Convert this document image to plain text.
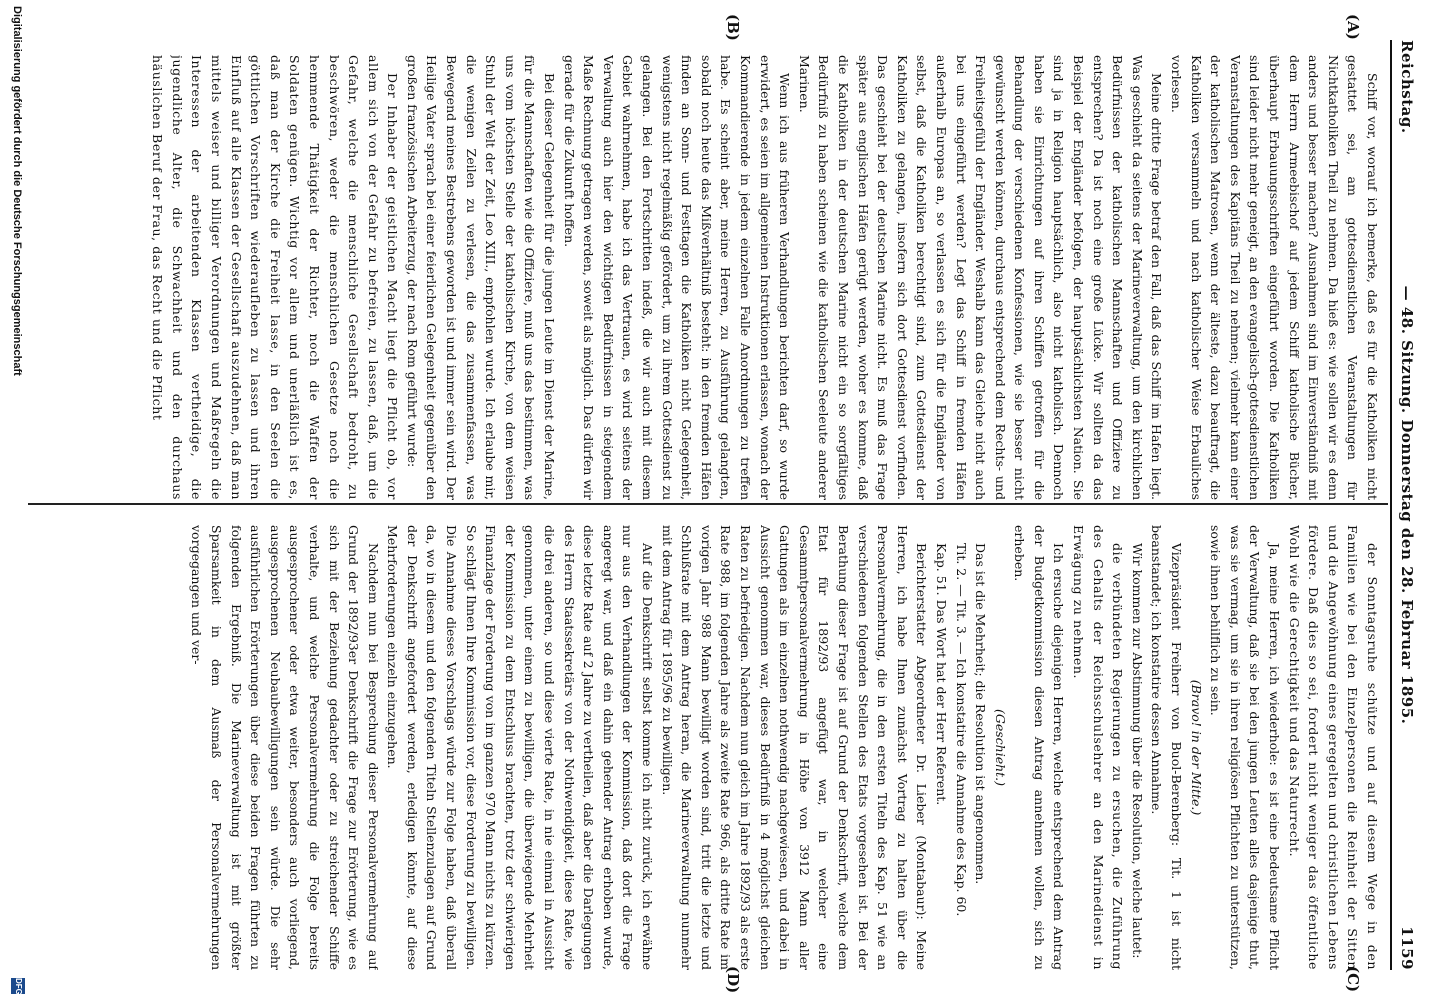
Reichstag.
— 48. Sitzung. Donnerstag den 28. Februar 1895.
1159
(A)
(B)
(C)
(D)

Schiff vor, worauf ich bemerke, daß es für die Katholiken nicht gestattet sei, am gottesdienstlichen Veranstaltungen für Nichtkatholiken Theil zu nehmen. Da hieß es: wie sollen wir es denn anders und besser machen? Ausnahmen sind im Einverständniß mit dem Herrn Armeebischof auf jedem Schiff katholische Bücher, überhaupt Erbauungsschriften eingeführt worden. Die Katholiken sind leider nicht mehr geneigt, an den evangelisch-gottesdienstlichen Veranstaltungen des Kapitäns Theil zu nehmen; vielmehr kann einer der katholischen Matrosen, wenn der älteste, dazu beauftragt, die Katholiken versammeln und nach katholischer Weise Erbauliches vorlesen.

Meine dritte Frage betraf den Fall, daß das Schiff im Hafen liegt. Was geschieht da seitens der Marineverwaltung, um den kirchlichen Bedürfnissen der katholischen Mannschaften und Offiziere zu entsprechen? Da ist noch eine große Lücke. Wir sollten da das Beispiel der Engländer befolgen, der hauptsächlichsten Nation. Sie sind ja in Religion hauptsächlich, also nicht katholisch. Dennoch haben sie Einrichtungen auf ihren Schiffen getroffen für die Behandlung der verschiedenen Konfessionen, wie sie besser nicht gewünscht werden können, durchaus entsprechend dem Rechts- und Freiheitsgefühl der Engländer. Weshalb kann das Gleiche nicht auch bei uns eingeführt werden? Legt das Schiff in fremden Häfen außerhalb Europas an, so verlassen es sich für die Engländer von selbst, daß die Katholiken berechtigt sind, zum Gottesdienst der Katholiken zu gelangen, insofern sich dort Gottesdienst vorfinden. Das geschieht bei der deutschen Marine nicht. Es muß das Frage später aus englischen Häfen gerügt werden, woher es komme, daß die Katholiken in der deutschen Marine nicht ein so sorgfältiges Bedürfniß zu haben scheinen wie die katholischen Seeleute anderer Marinen.

Wenn ich aus früheren Verhandlungen berichten darf, so wurde erwidert, es seien im allgemeinen Instruktionen erlassen, wonach der Kommandierende in jedem einzelnen Falle Anordnungen zu treffen habe. Es scheint aber, meine Herren, zu Ausführung gelangten, sobald noch heute das Mißverhältniß besteht: in den fremden Häfen finden an Sonn- und Festtagen die Katholiken nicht Gelegenheit, wenigstens nicht regelmäßig gefördert, um zu ihrem Gottesdienst zu gelangen. Bei den Fortschritten indeß, die wir auch mit diesem Gebiet wahrnehmen, habe ich das Vertrauen, es wird seitens der Verwaltung auch hier den wichtigen Bedürfnissen in steigendem Maße Rechnung getragen werden, soweit als möglich. Das dürfen wir gerade für die Zukunft hoffen.

Bei dieser Gelegenheit für die jungen Leute im Dienst der Marine, für die Mannschaften wie die Offiziere, muß uns das bestimmen, was uns vom höchsten Stelle der katholischen Kirche, von dem weisen Stuhl der Welt der Zeit, Leo XIII., empfohlen wurde. Ich erlaube mir, die wenigen Zeilen zu verlesen, die das zusammenfassen, was Bewegend meines Bestrebens geworden ist und immer sein wird. Der Heilige Vater sprach bei einer feierlichen Gelegenheit gegenüber den großen französischen Arbeiterzug, der nach Rom geführt wurde:

Der Inhaber der geistlichen Macht liegt die Pflicht ob, vor allem sich von der Gefahr zu befreien, zu lassen, daß, um die Gefahr, welche die menschliche Gesellschaft bedroht, zu beschwören, weder die menschlichen Gesetze noch die hemmende Thätigkeit der Richter, noch die Waffen der Soldaten genügen. Wichtig vor allem und unerläßlich ist es, daß man der Kirche die Freiheit lasse, in den Seelen die göttlichen Vorschriften wiederaufleben zu lassen und ihren Einfluß auf alle Klassen der Gesellschaft auszudehnen, daß man mittels weiser und billiger Verordnungen und Maßregeln die Interessen der arbeitenden Klassen vertheidige, die jugendliche Alter, die Schwachheit und den durchaus häuslichen Beruf der Frau, das Recht und die Pflicht

der Sonntagsruhe schütze und auf diesem Wege in den Familien wie bei den Einzelpersonen die Reinheit der Sitten und die Angewöhnung eines geregelten und christlichen Lebens fördere. Daß dies so sei, fordert nicht weniger das öffentliche Wohl wie die Gerechtigkeit und das Naturrecht.

Ja, meine Herren, ich wiederhole: es ist eine bedeutsame Pflicht der Verwaltung, daß sie bei den jungen Leuten alles dasjenige thut, was sie vermag, um sie in ihren religiösen Pflichten zu unterstützen, sowie ihnen behilflich zu sein.

(Bravo! in der Mitte.)

Vizepräsident Freiherr von Buol-Berenberg: Tit. 1 ist nicht beanstandet; ich konstatire dessen Annahme.

Wir kommen zur Abstimmung über die Resolution, welche lautet:

die verbündeten Regierungen zu ersuchen, die Zuführung des Gehalts der Reichsschulsehrer an den Marinedienst in Erwägung zu nehmen.

Ich ersuche diejenigen Herren, welche entsprechend dem Antrag der Budgetkommission diesen Antrag annehmen wollen, sich zu erheben.

(Geschieht.)

Das ist die Mehrheit; die Resolution ist angenommen.

Tit. 2. — Tit. 3. — Ich konstatire die Annahme des Kap. 60.

Kap. 51. Das Wort hat der Herr Referent.

Berichterstatter Abgeordneter Dr. Lieber (Montabaur): Meine Herren, ich habe Ihnen zunächst Vortrag zu halten über die Personalvermehrung, die in den ersten Titeln des Kap. 51 wie an verschiedenen folgenden Stellen des Etats vorgesehen ist. Bei der Berathung dieser Frage ist auf Grund der Denkschrift, welche dem Etat für 1892/93 angefügt war, in welcher eine Gesammtpersonalvermehrung in Höhe von 3912 Mann aller Gattungen als im einzelnen nothwendig nachgewiesen, und dabei in Aussicht genommen war, dieses Bedürfniß in 4 möglichst gleichen Raten zu befriedigen. Nachdem nun gleich im Jahre 1892/93 als erste Rate 988, im folgenden Jahre als zweite Rate 966, als dritte Rate im vorigen Jahr 988 Mann bewilligt worden sind, tritt die letzte und Schlußrate mit dem Antrag heran, die Marineverwaltung nunmehr mit dem Antrag für 1895/96 zu bewilligen.

Auf die Denkschrift selbst komme ich nicht zurück, ich erwähne nur aus den Verhandlungen der Kommission, daß dort die Frage angeregt war, und daß ein dahin gehender Antrag erhoben wurde, diese letzte Rate auf 2 Jahre zu vertheilen, daß aber die Darlegungen des Herrn Staatssekretärs von der Nothwendigkeit, diese Rate, wie die drei anderen, so und diese vierte Rate, in nie einmal in Aussicht genommen, unter einem zu bewilligen, die überwiegende Mehrheit der Kommission zu dem Entschluss brachten, trotz der schwierigen Finanzlage der Forderung von im ganzen 970 Mann nichts zu kürzen. So schlägt Ihnen Ihre Kommission vor, diese Forderung zu bewilligen. Die Annahme dieses Vorschlags würde zur Folge haben, daß überall da, wo in diesem und den folgenden Titeln Stellenzulagen auf Grund der Denkschrift angefordert werden, erledigen könnte, auf diese Mehrforderungen einzeln einzugehen.

Nachdem nun bei Besprechung dieser Personalvermehrung auf Grund der 1892/93er Denkschrift die Frage zur Erörterung, wie es sich mit der Beziehung gedachter oder zu streichender Schiffe verhalte, und welche Personalvermehrung die Folge bereits ausgesprochener oder etwa weiter, besonders auch vorliegend, ausgesprochenen Neubaubewilligungen sein würde. Die sehr ausführlichen Erörterungen über diese beiden Fragen führten zu folgenden Ergebniß. Die Marineverwaltung ist mit größter Sparsamkeit in dem Ausmaß der Personalvermehrungen vorgegangen und ver-

Digitalisierung gefördert durch die Deutsche Forschungsgemeinschaft
DFG
